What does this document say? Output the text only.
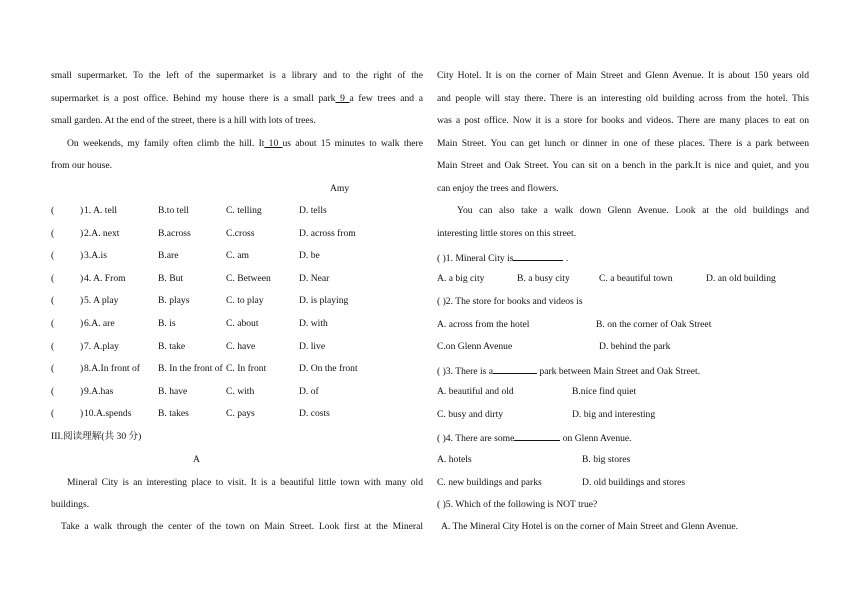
small supermarket. To the left of the supermarket is a library and to the right of the
supermarket is a post office. Behind my house there is a small park 9 a few trees and a
small garden. At the end of the street, there is a hill with lots of trees.
On weekends, my family often climb the hill. It 10 us about 15 minutes to walk there
from our house.
Amy
(	) 1. A. tell	B.to tell	C. telling	D. tells
(	) 2.A. next	B.across	C.cross	D. across from
(	) 3.A.is	B.are	C. am	D. be
(	) 4. A. From	B. But	C. Between	D. Near
(	) 5. A play	B. plays	C. to play	D. is playing
(	) 6.A. are	B. is	C. about	D. with
(	) 7. A.play	B. take	C. have	D. live
(	) 8.A.In front of B. In the front of C. In front	D. On the front
(	) 9.A.has	B. have	C. with	D. of
(	) 10.A.spends	B. takes	C. pays	D. costs
III.阅读理解(共 30 分)
A
Mineral City is an interesting place to visit. It is a beautiful little town with many old
buildings.
Take a walk through the center of the town on Main Street. Look first at the Mineral
City Hotel. It is on the corner of Main Street and Glenn Avenue. It is about 150 years old
and people will stay there. There is an interesting old building across from the hotel. This
was a post office. Now it is a store for books and videos. There are many places to eat on
Main Street. You can get lunch or dinner in one of these places. There is a park between
Main Street and Oak Street. You can sit on a bench in the park.It is nice and quiet, and you
can enjoy the trees and flowers.
You can also take a walk down Glenn Avenue. Look at the old buildings and
interesting little stores on this street.
( )1. Mineral City is	.
A. a big city	B. a busy city	C. a beautiful town	D. an old building
( )2. The store for books and videos is
A. across from the hotel	B. on the corner of Oak Street
C.on Glenn Avenue	D. behind the park
( )3. There is a	park between Main Street and Oak Street.
A. beautiful and old	B.nice find quiet
C. busy and dirty	D. big and interesting
( )4. There are some	on Glenn Avenue.
A. hotels	B. big stores
C. new buildings and parks	D. old buildings and stores
( )5. Which of the following is NOT true?
A. The Mineral City Hotel is on the corner of Main Street and Glenn Avenue.
